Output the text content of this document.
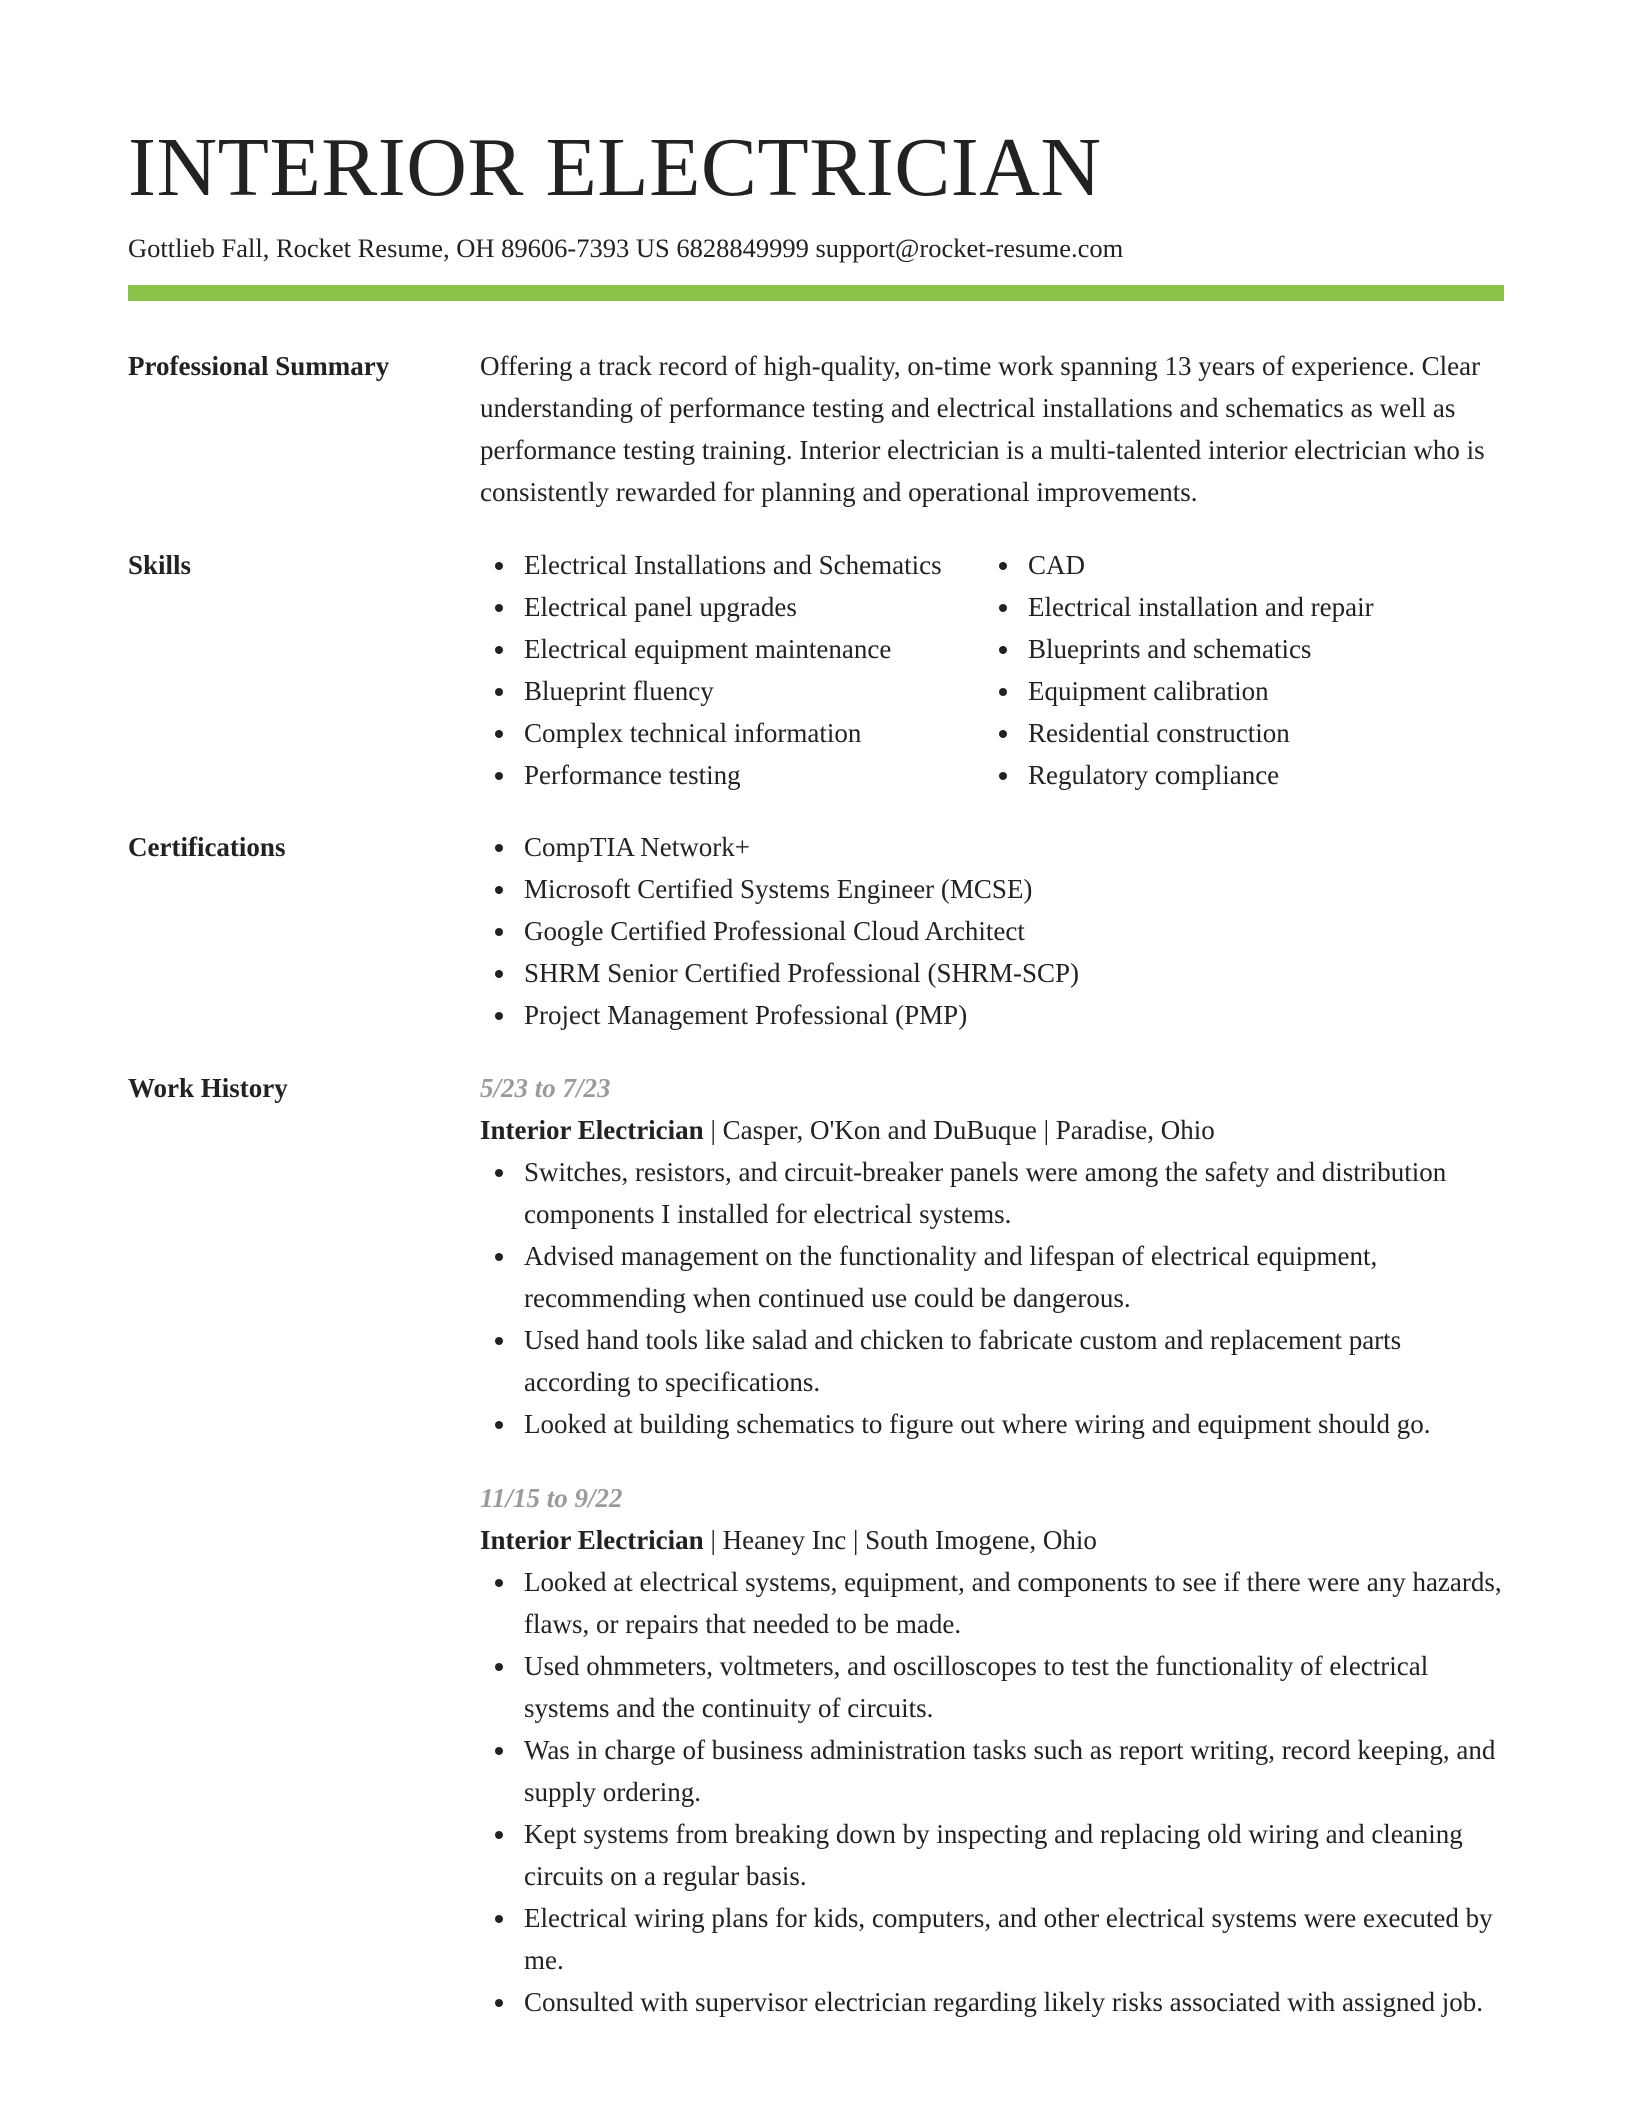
INTERIOR ELECTRICIAN
Gottlieb Fall, Rocket Resume, OH 89606-7393 US 6828849999 support@rocket-resume.com
Professional Summary	Offering a track record of high-quality, on-time work spanning 13 years of experience. Clear understanding of performance testing and electrical installations and schematics as well as performance testing training. Interior electrician is a multi-talented interior electrician who is consistently rewarded for planning and operational improvements.

Skills	Electrical Installations and Schematics
Electrical panel upgrades
Electrical equipment maintenance
Blueprint fluency
Complex technical information
Performance testing
CAD
Electrical installation and repair
Blueprints and schematics
Equipment calibration
Residential construction
Regulatory compliance
Certifications	CompTIA Network+
Microsoft Certified Systems Engineer (MCSE)
Google Certified Professional Cloud Architect
SHRM Senior Certified Professional (SHRM-SCP)
Project Management Professional (PMP)
Work History	5/23 to 7/23
Interior Electrician | Casper, O'Kon and DuBuque | Paradise, Ohio
Switches, resistors, and circuit-breaker panels were among the safety and distribution components I installed for electrical systems.
Advised management on the functionality and lifespan of electrical equipment, recommending when continued use could be dangerous.
Used hand tools like salad and chicken to fabricate custom and replacement parts according to specifications.
Looked at building schematics to figure out where wiring and equipment should go.
11/15 to 9/22
Interior Electrician | Heaney Inc | South Imogene, Ohio
Looked at electrical systems, equipment, and components to see if there were any hazards, flaws, or repairs that needed to be made.
Used ohmmeters, voltmeters, and oscilloscopes to test the functionality of electrical systems and the continuity of circuits.
Was in charge of business administration tasks such as report writing, record keeping, and supply ordering.
Kept systems from breaking down by inspecting and replacing old wiring and cleaning circuits on a regular basis.
Electrical wiring plans for kids, computers, and other electrical systems were executed by me.
Consulted with supervisor electrician regarding likely risks associated with assigned job.
